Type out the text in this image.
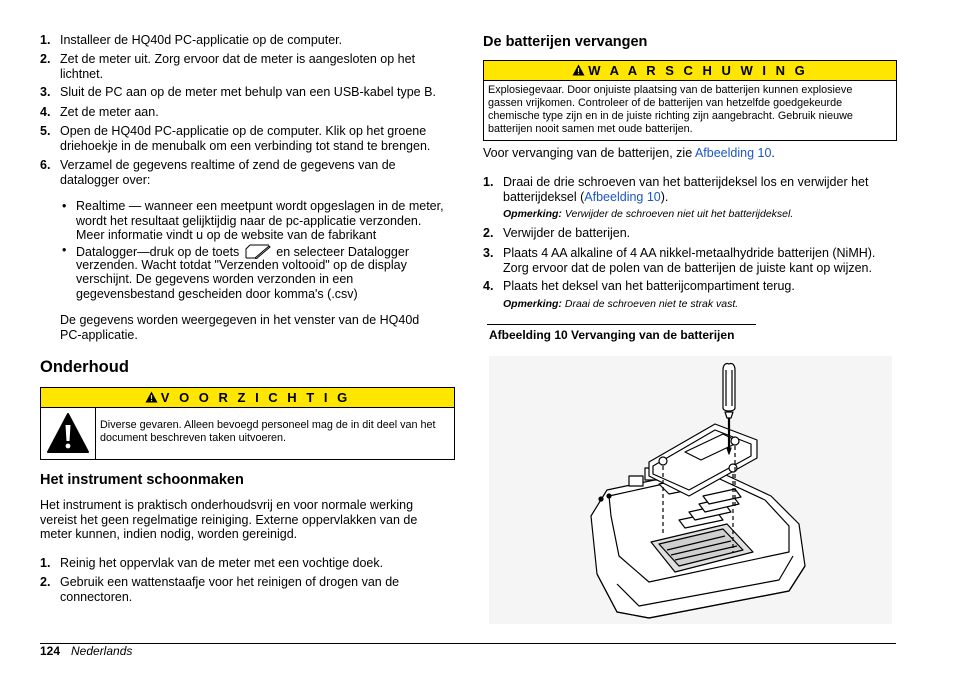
1. Installeer de HQ40d PC-applicatie op de computer.
2. Zet de meter uit. Zorg ervoor dat de meter is aangesloten op het
lichtnet.
3. Sluit de PC aan op de meter met behulp van een USB-kabel type B.
4. Zet de meter aan.
5. Open de HQ40d PC-applicatie op de computer. Klik op het groene
driehoekje in de menubalk om een verbinding tot stand te brengen.
6. Verzamel de gegevens realtime of zend de gegevens van de
datalogger over:
• Realtime — wanneer een meetpunt wordt opgeslagen in de meter,
wordt het resultaat gelijktijdig naar de pc-applicatie verzonden.
Meer informatie vindt u op de website van de fabrikant
• Datalogger—druk op de toets	en selecteer Datalogger
verzenden. Wacht totdat "Verzenden voltooid" op de display
verschijnt. De gegevens worden verzonden in een
gegevensbestand gescheiden door komma's (.csv)
De gegevens worden weergegeven in het venster van de HQ40d
PC-applicatie.
Onderhoud
V O O R Z I C H T I G
Diverse gevaren. Alleen bevoegd personeel mag de in dit deel van het
document beschreven taken uitvoeren.
Het instrument schoonmaken
Het instrument is praktisch onderhoudsvrij en voor normale werking
vereist het geen regelmatige reiniging. Externe oppervlakken van de
meter kunnen, indien nodig, worden gereinigd.
1. Reinig het oppervlak van de meter met een vochtige doek.
2. Gebruik een wattenstaafje voor het reinigen of drogen van de
connectoren.
De batterijen vervangen
W A A R S C H U W I N G
Explosiegevaar. Door onjuiste plaatsing van de batterijen kunnen explosieve
gassen vrijkomen. Controleer of de batterijen van hetzelfde goedgekeurde
chemische type zijn en in de juiste richting zijn aangebracht. Gebruik nieuwe
batterijen nooit samen met oude batterijen.
Voor vervanging van de batterijen, zie Afbeelding 10.
1. Draai de drie schroeven van het batterijdeksel los en verwijder het
batterijdeksel (Afbeelding 10).
Opmerking: Verwijder de schroeven niet uit het batterijdeksel.
2. Verwijder de batterijen.
3. Plaats 4 AA alkaline of 4 AA nikkel-metaalhydride batterijen (NiMH).
Zorg ervoor dat de polen van de batterijen de juiste kant op wijzen.
4. Plaats het deksel van het batterijcompartiment terug.
Opmerking: Draai de schroeven niet te strak vast.
Afbeelding 10 Vervanging van de batterijen
124 Nederlands
